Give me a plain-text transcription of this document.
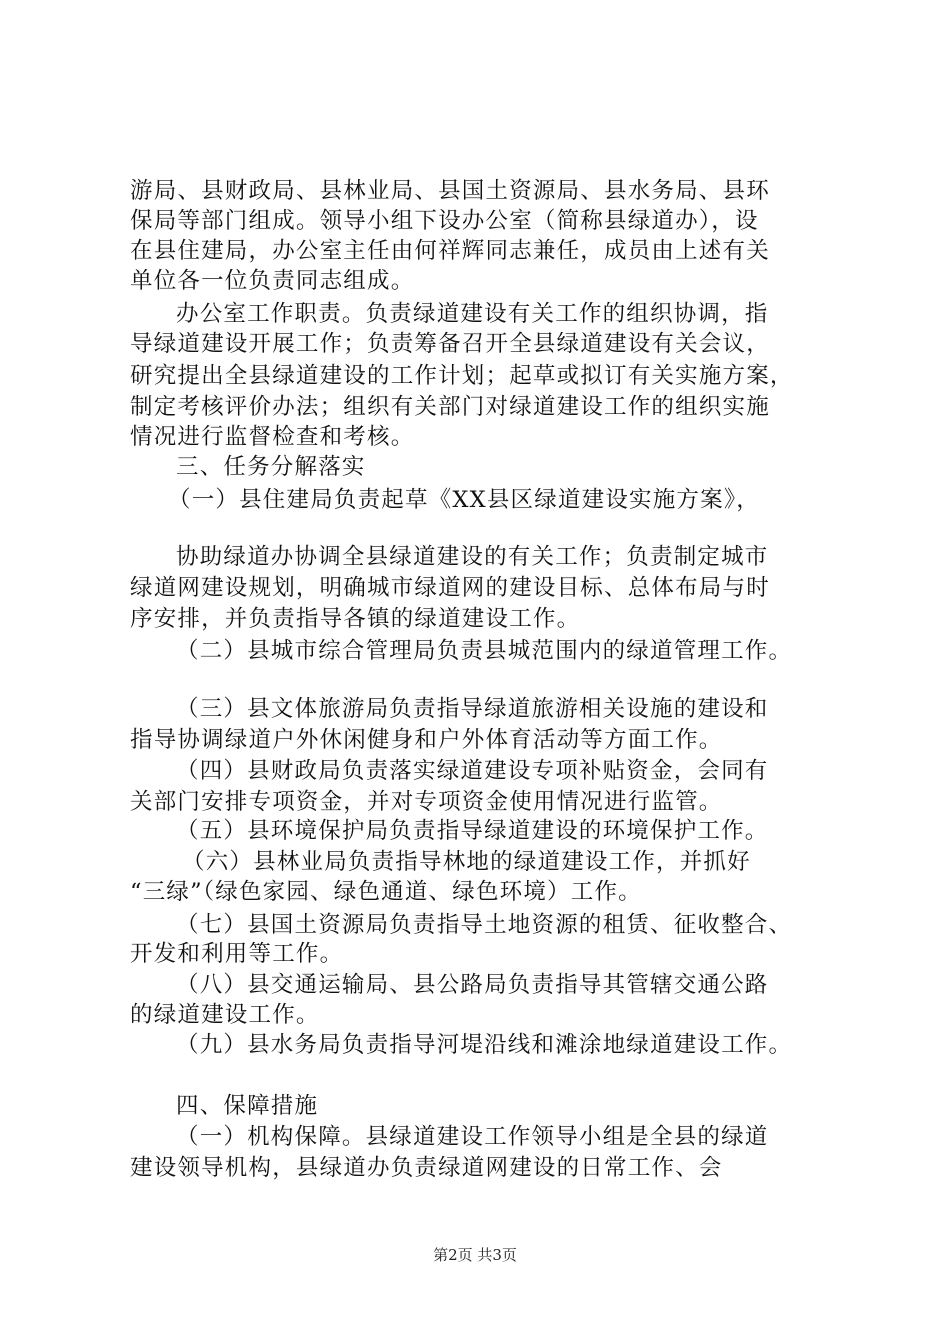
游局、县财政局、县林业局、县国土资源局、县水务局、县环
保局等部门组成。领导小组下设办公室（简称县绿道办），设
在县住建局，办公室主任由何祥辉同志兼任，成员由上述有关
单位各一位负责同志组成。
办公室工作职责。负责绿道建设有关工作的组织协调，指
导绿道建设开展工作；负责筹备召开全县绿道建设有关会议，
研究提出全县绿道建设的工作计划；起草或拟订有关实施方案，
制定考核评价办法；组织有关部门对绿道建设工作的组织实施
情况进行监督检查和考核。
三、任务分解落实
（一）县住建局负责起草《XX县区绿道建设实施方案》，
协助绿道办协调全县绿道建设的有关工作；负责制定城市
绿道网建设规划，明确城市绿道网的建设目标、总体布局与时
序安排，并负责指导各镇的绿道建设工作。
（二）县城市综合管理局负责县城范围内的绿道管理工作。
（三）县文体旅游局负责指导绿道旅游相关设施的建设和
指导协调绿道户外休闲健身和户外体育活动等方面工作。
（四）县财政局负责落实绿道建设专项补贴资金，会同有
关部门安排专项资金，并对专项资金使用情况进行监管。
（五）县环境保护局负责指导绿道建设的环境保护工作。
（六）县林业局负责指导林地的绿道建设工作，并抓好
“三绿”（绿色家园、绿色通道、绿色环境）工作。
（七）县国土资源局负责指导土地资源的租赁、征收整合、
开发和利用等工作。
（八）县交通运输局、县公路局负责指导其管辖交通公路
的绿道建设工作。
（九）县水务局负责指导河堤沿线和滩涂地绿道建设工作。
四、保障措施
（一）机构保障。县绿道建设工作领导小组是全县的绿道
建设领导机构，县绿道办负责绿道网建设的日常工作、会
第2页 共3页
